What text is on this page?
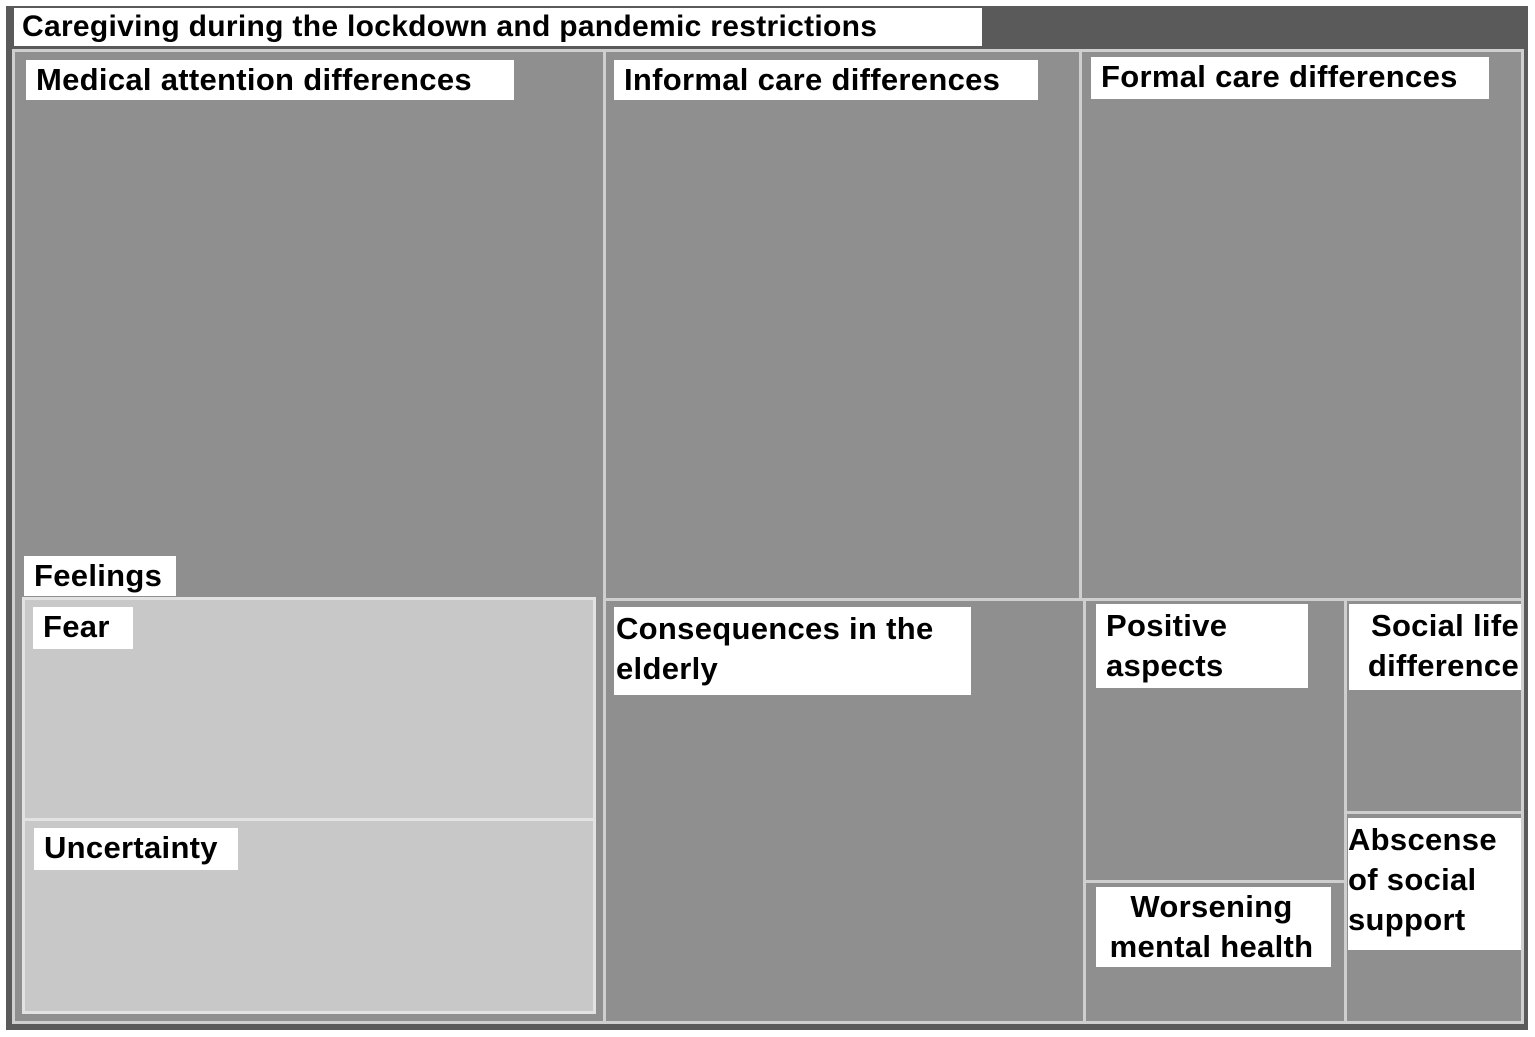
Caregiving during the lockdown and pandemic restrictions
Medical attention differences	Informal care differences	Formal care differences
Feelings
Fear
Uncertainty
Consequences in the elderly
Positive aspects
Worsening mental health
Social life difference
Abscense of social support
